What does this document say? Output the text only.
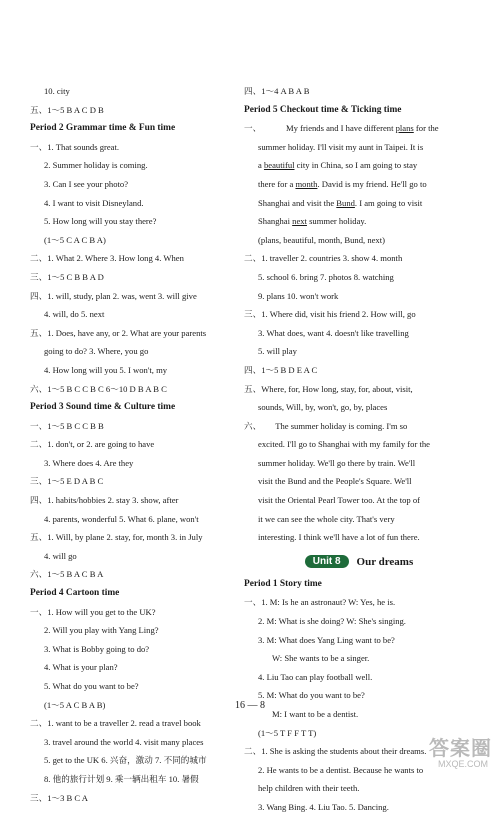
10. city
五、1～5 B A C D B
Period 2 Grammar time & Fun time
一、1. That sounds great.
2. Summer holiday is coming.
3. Can I see your photo?
4. I want to visit Disneyland.
5. How long will you stay there?
(1～5 C A C B A)
二、1. What 2. Where 3. How long 4. When
三、1～5 C B B A D
四、1. will, study, plan 2. was, went 3. will give
4. will, do 5. next
五、1. Does, have any, or 2. What are your parents
going to do? 3. Where, you go
4. How long will you 5. I won't, my
六、1～5 B C C B C 6～10 D B A B C
Period 3 Sound time & Culture time
一、1～5 B C C B B
二、1. don't, or 2. are going to have
3. Where does 4. Are they
三、1～5 E D A B C
四、1. habits/hobbies 2. stay 3. show, after
4. parents, wonderful 5. What 6. plane, won't
五、1. Will, by plane 2. stay, for, month 3. in July
4. will go
六、1～5 B A C B A
Period 4 Cartoon time
一、1. How will you get to the UK?
2. Will you play with Yang Ling?
3. What is Bobby going to do?
4. What is your plan?
5. What do you want to be?
(1～5 A C B A B)
二、1. want to be a traveller 2. read a travel book
3. travel around the world 4. visit many places
5. get to the UK 6. 兴奋，激动 7. 不同的城市
8. 他的旅行计划 9. 乘一辆出租车 10. 暑假
三、1～3 B C A
四、1～4 A B A B
Period 5 Checkout time & Ticking time
一、	My friends and I have different plans for the
summer holiday. I'll visit my aunt in Taipei. It is
a beautiful city in China, so I am going to stay
there for a month. David is my friend. He'll go to
Shanghai and visit the Bund. I am going to visit
Shanghai next summer holiday.
(plans, beautiful, month, Bund, next)
二、1. traveller 2. countries 3. show 4. month
5. school 6. bring 7. photos 8. watching
9. plans 10. won't work
三、1. Where did, visit his friend 2. How will, go
3. What does, want 4. doesn't like travelling
5. will play
四、1～5 B D E A C
五、Where, for, How long, stay, for, about, visit,
sounds, Will, by, won't, go, by, places
六、 The summer holiday is coming. I'm so
excited. I'll go to Shanghai with my family for the
summer holiday. We'll go there by train. We'll
visit the Bund and the People's Square. We'll
visit the Oriental Pearl Tower too. At the top of
it we can see the whole city. That's very
interesting. I think we'll have a lot of fun there.
Unit 8	Our dreams
Period 1 Story time
一、1. M: Is he an astronaut? W: Yes, he is.
2. M: What is she doing? W: She's singing.
3. M: What does Yang Ling want to be?
W: She wants to be a singer.
4. Liu Tao can play football well.
5. M: What do you want to be?
M: I want to be a dentist.
(1～5 T F F T T)
二、1. She is asking the students about their dreams.
2. He wants to be a dentist. Because he wants to
help children with their teeth.
3. Wang Bing. 4. Liu Tao. 5. Dancing.
16 — 8
答案圈
MXQE.COM
